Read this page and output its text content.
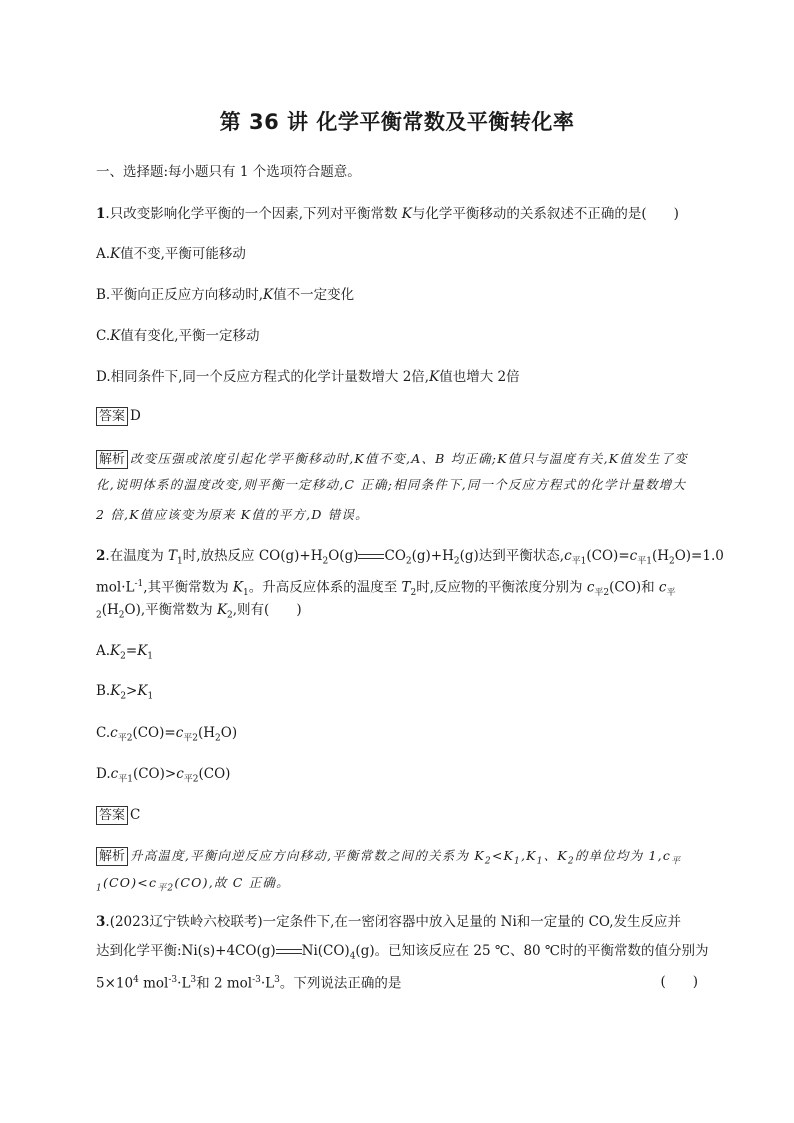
第 36 讲 化学平衡常数及平衡转化率
一、选择题:每小题只有 1 个选项符合题意。
1.只改变影响化学平衡的一个因素,下列对平衡常数 K与化学平衡移动的关系叙述不正确的是(　　)
A.K值不变,平衡可能移动
B.平衡向正反应方向移动时,K值不一定变化
C.K值有变化,平衡一定移动
D.相同条件下,同一个反应方程式的化学计量数增大 2倍,K值也增大 2倍
答案 D
解析 改变压强或浓度引起化学平衡移动时,K值不变,A、B 均正确;K值只与温度有关,K值发生了变
化,说明体系的温度改变,则平衡一定移动,C 正确;相同条件下,同一个反应方程式的化学计量数增大
2 倍,K值应该变为原来 K值的平方,D 错误。
2.在温度为 $T_1$时,放热反应 $CO(g)+H_2O(g)$ $CO_2(g)+H_2(g)$达到平衡状态$,c_{平1}(CO)=c_{平1}(H_2O)=1.0$
$mol\cdot L^{-1}$,其平衡常数为 $K_1$。升高反应体系的温度至 $T_2$时,反应物的平衡浓度分别为 $c_{平2}(CO)$和 $c_平$
$_2(H_2O)$,平衡常数为 $K_2$,则有(　　)
$A.K_2=K_1$
$B.K_2>K_1$
$C.c_{平2}(CO)=c_{平2}(H_2O)$
$D.c_{平1}(CO)>c_{平2}(CO)$
答案 C
解析 升高温度,平衡向逆反应方向移动,平衡常数之间的关系为 $K_2<K_1,K_1$、$K_2$的单位均为 $1,c_平$
$_1(CO)<c_{平2}(CO)$,故 C 正确。
3.(2023辽宁铁岭六校联考)一定条件下,在一密闭容器中放入足量的 Ni和一定量的 CO,发生反应并
达到化学平衡:Ni(s)+4CO(g) $Ni(CO)_4(g)$。已知该反应在 25 ℃、80 ℃时的平衡常数的值分别为
$5\times 10^4$ $mol^{-3}\cdot L^3$和 2 $mol^{-3}\cdot L^3$。下列说法正确的是	(　　)
